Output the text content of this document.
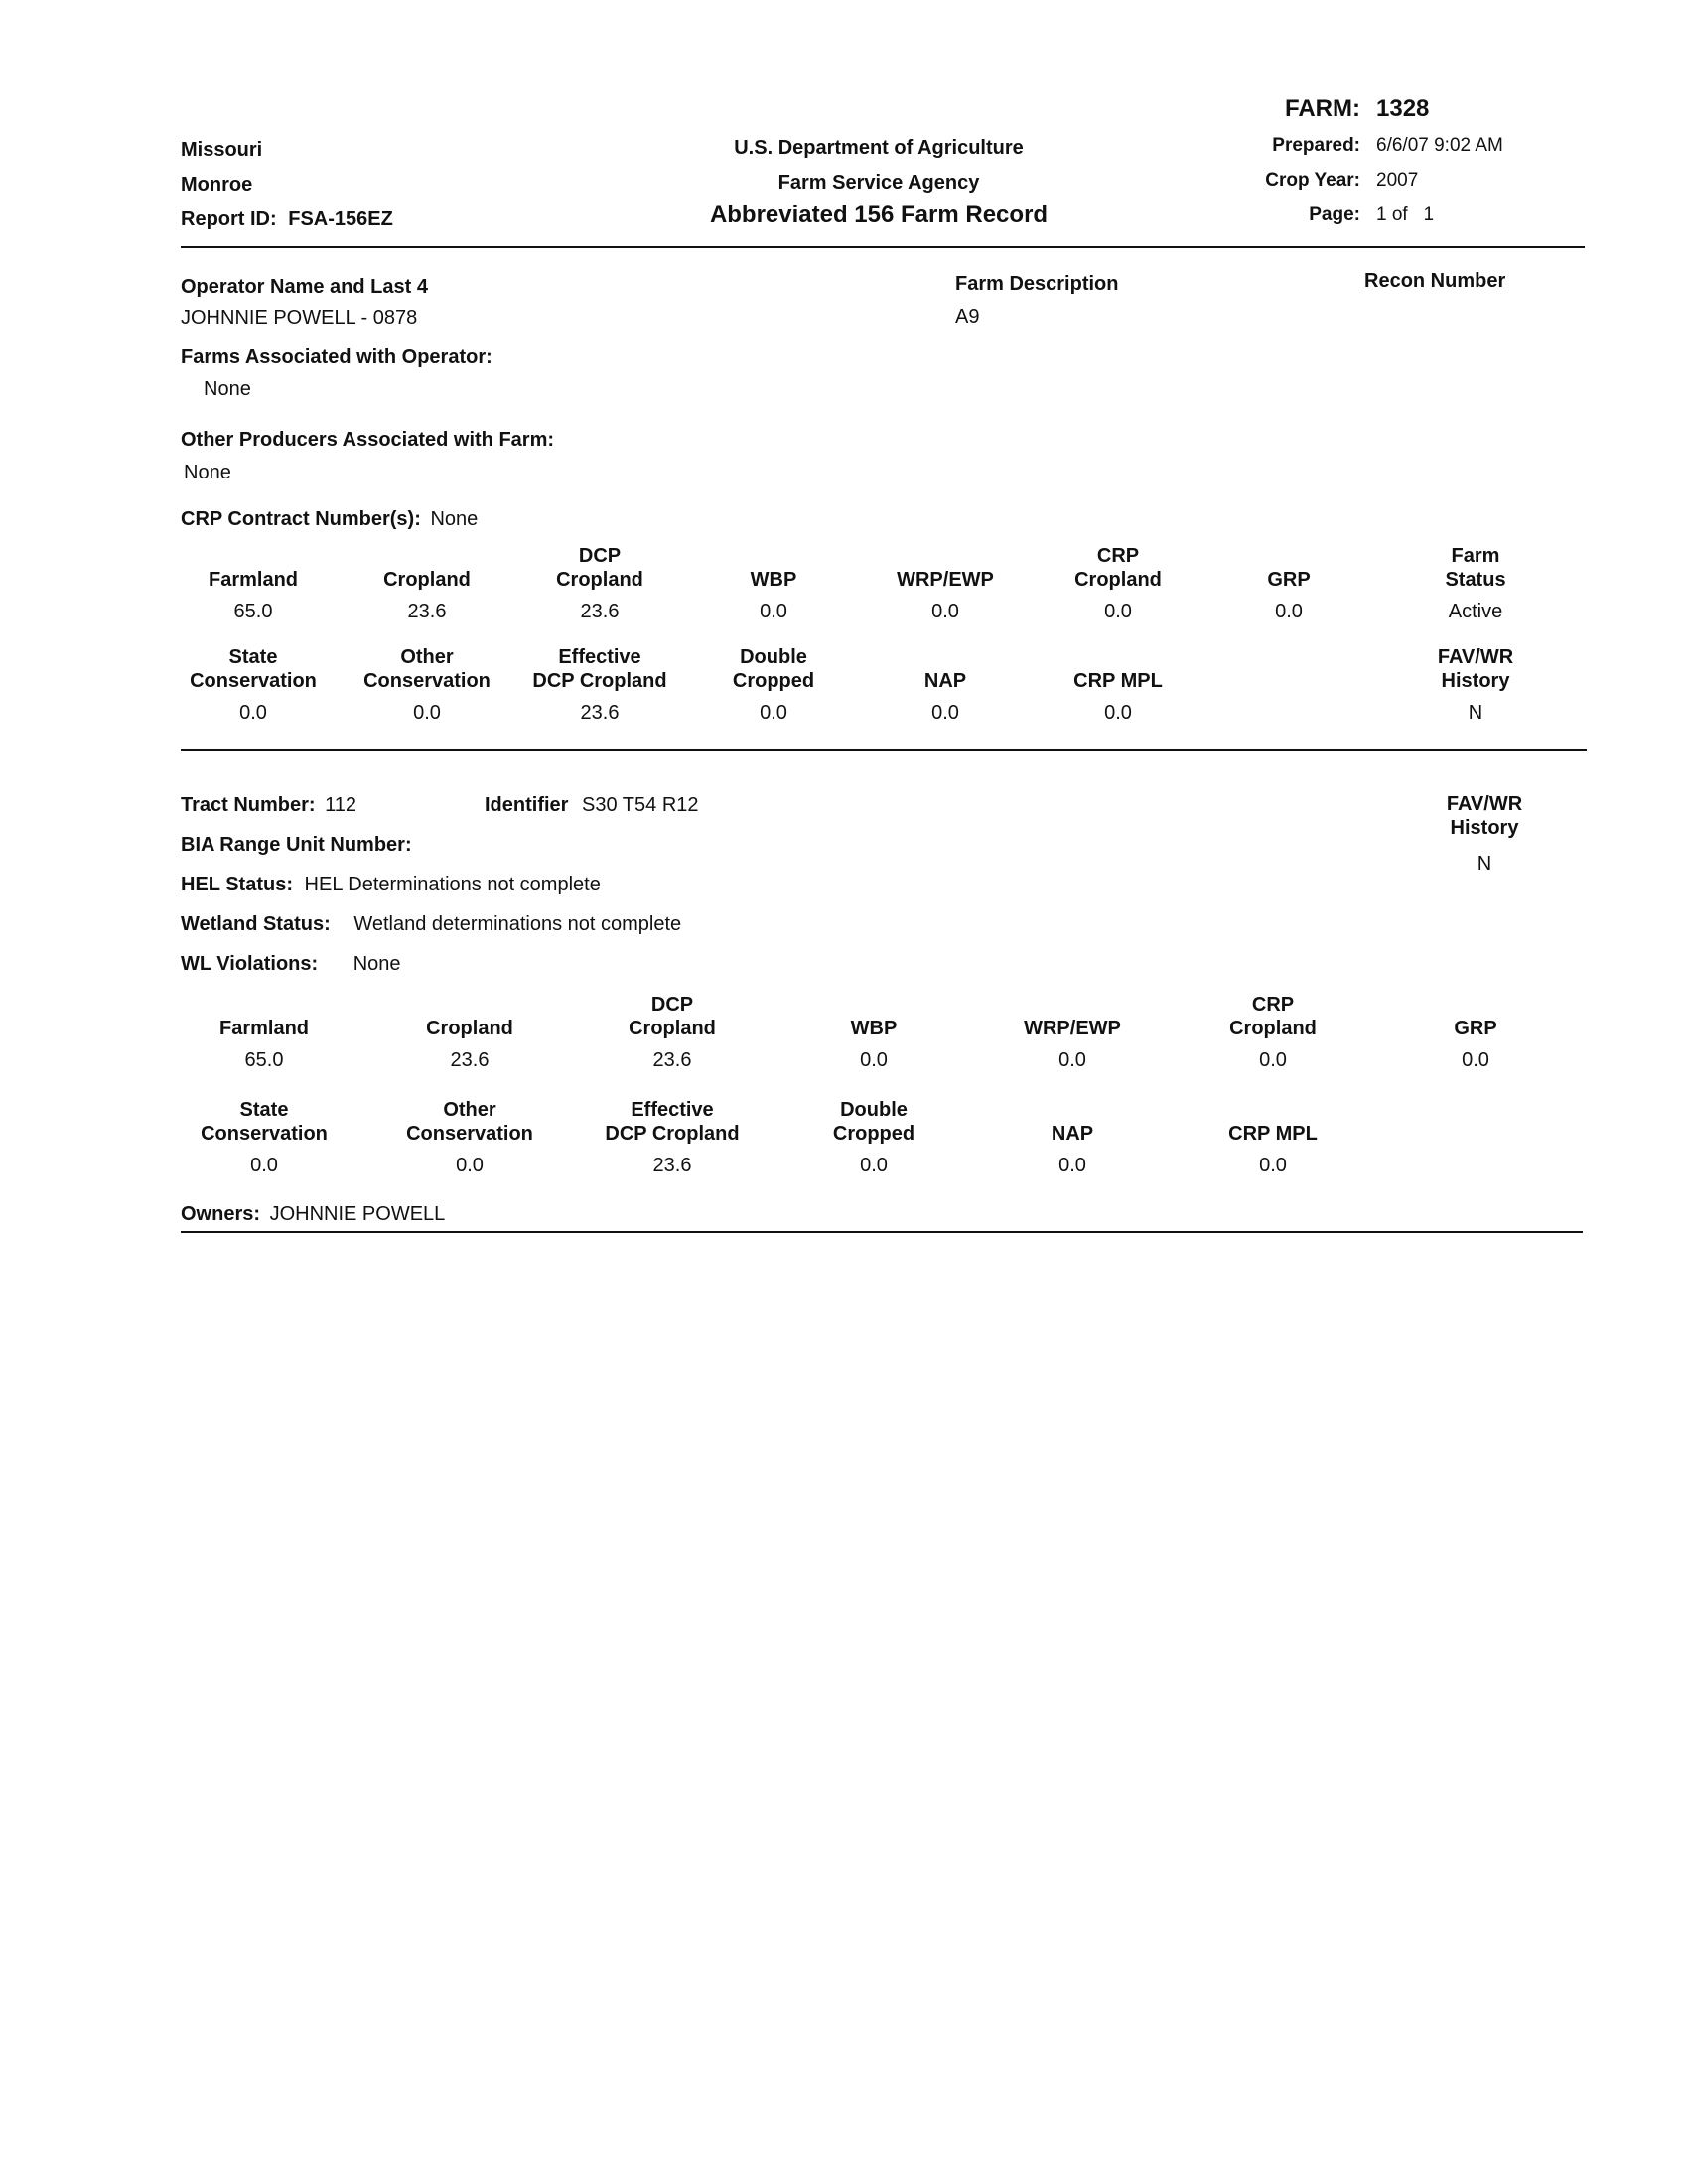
Missouri
Monroe
Report ID: FSA-156EZ
U.S. Department of Agriculture
Farm Service Agency
Abbreviated 156 Farm Record
FARM: 1328
Prepared: 6/6/07 9:02 AM
Crop Year: 2007
Page: 1 of   1
Operator Name and Last 4
JOHNNIE POWELL - 0878
Farm Description
A9
Recon Number
Farms Associated with Operator:
None
Other Producers Associated with Farm:
None
CRP Contract Number(s): None
Farmland
65.0
Cropland
23.6
DCP
Cropland
23.6
WBP
0.0
WRP/EWP
0.0
CRP
Cropland
0.0
GRP
0.0
Farm
Status
Active
State
Conservation
0.0
Other
Conservation
0.0
Effective
DCP Cropland
23.6
Double
Cropped
0.0
NAP
0.0
CRP MPL
0.0
FAV/WR
History
N
Tract Number: 112	Identifier S30 T54 R12	FAV/WR
History
N
BIA Range Unit Number:
HEL Status: HEL Determinations not complete
Wetland Status: Wetland determinations not complete
WL Violations: None
Farmland
65.0
Cropland
23.6
DCP
Cropland
23.6
WBP
0.0
WRP/EWP
0.0
CRP
Cropland
0.0
GRP
0.0
State
Conservation
0.0
Other
Conservation
0.0
Effective
DCP Cropland
23.6
Double
Cropped
0.0
NAP
0.0
CRP MPL
0.0
Owners: JOHNNIE POWELL
